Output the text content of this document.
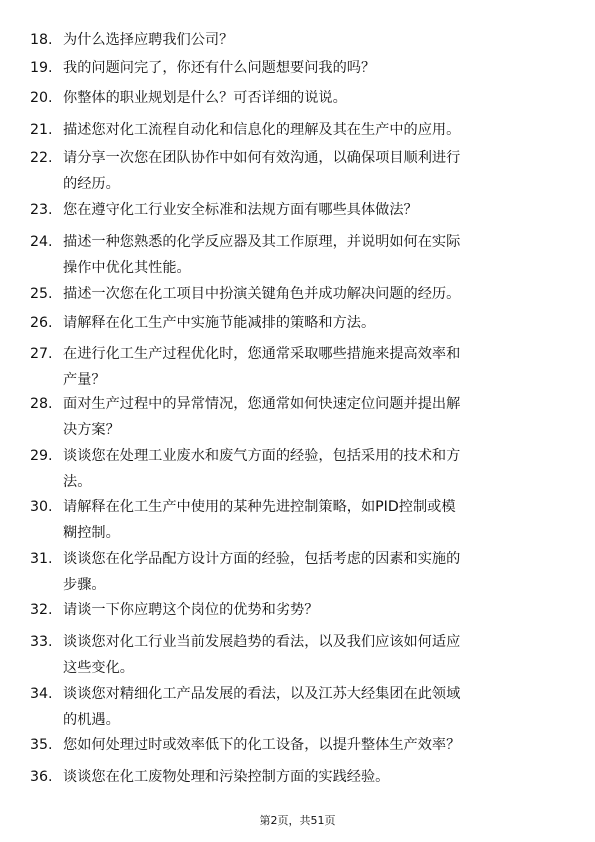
18. 为什么选择应聘我们公司？
19. 我的问题问完了，你还有什么问题想要问我的吗？
20. 你整体的职业规划是什么？可否详细的说说。
21. 描述您对化工流程自动化和信息化的理解及其在生产中的应用。
22. 请分享一次您在团队协作中如何有效沟通，以确保项目顺利进行
的经历。
23. 您在遵守化工行业安全标准和法规方面有哪些具体做法？
24. 描述一种您熟悉的化学反应器及其工作原理，并说明如何在实际
操作中优化其性能。
25. 描述一次您在化工项目中扮演关键角色并成功解决问题的经历。
26. 请解释在化工生产中实施节能减排的策略和方法。
27. 在进行化工生产过程优化时，您通常采取哪些措施来提高效率和
产量？
28. 面对生产过程中的异常情况，您通常如何快速定位问题并提出解
决方案？
29. 谈谈您在处理工业废水和废气方面的经验，包括采用的技术和方
法。
30. 请解释在化工生产中使用的某种先进控制策略，如PID控制或模
糊控制。
31. 谈谈您在化学品配方设计方面的经验，包括考虑的因素和实施的
步骤。
32. 请谈一下你应聘这个岗位的优势和劣势？
33. 谈谈您对化工行业当前发展趋势的看法，以及我们应该如何适应
这些变化。
34. 谈谈您对精细化工产品发展的看法，以及江苏大经集团在此领域
的机遇。
35. 您如何处理过时或效率低下的化工设备，以提升整体生产效率？
36. 谈谈您在化工废物处理和污染控制方面的实践经验。
第2页，共51页
